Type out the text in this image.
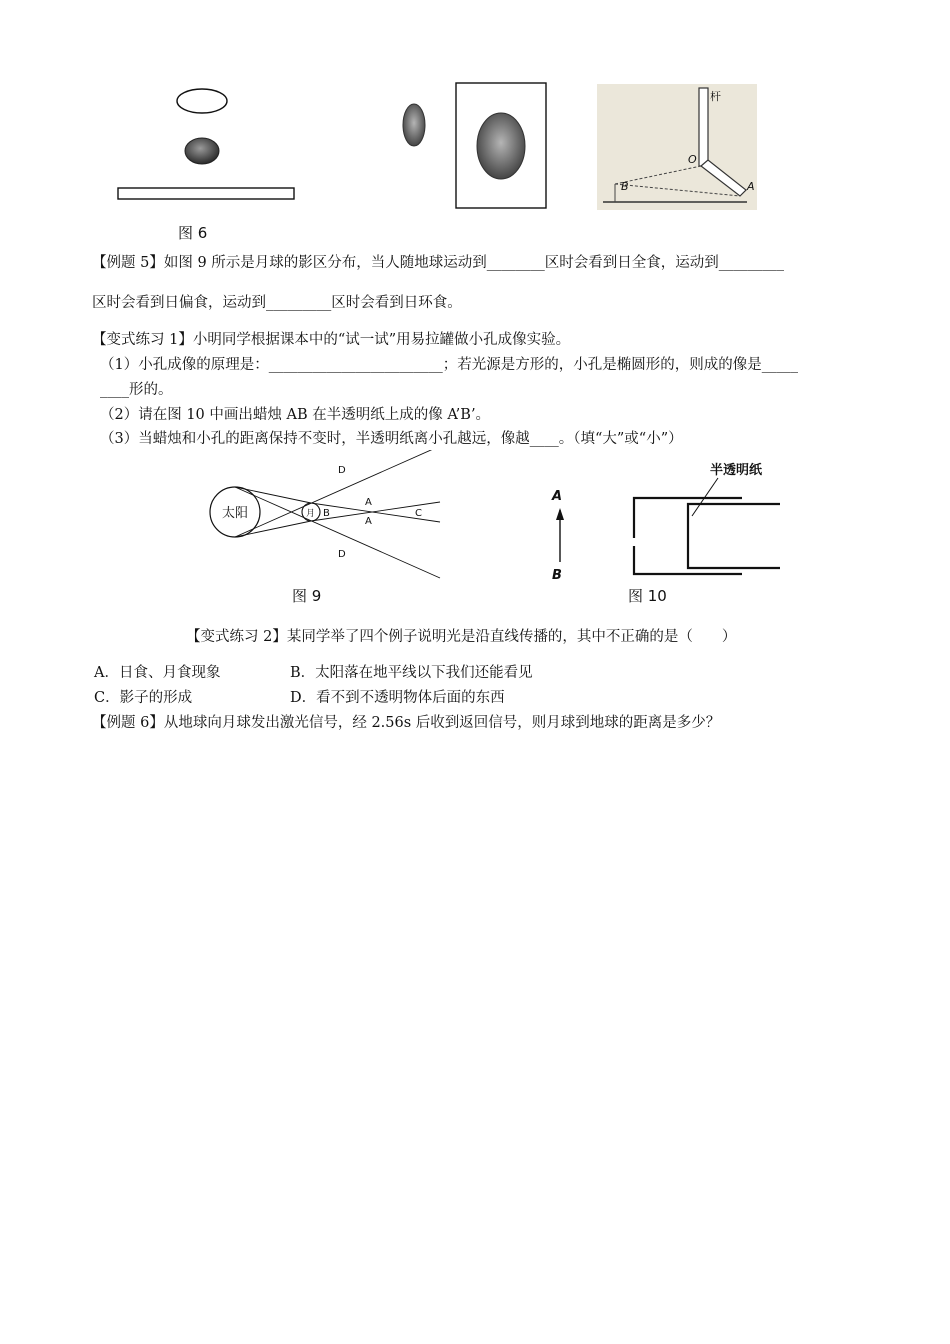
图 6
杆
O
A
B
【例题 5】如图 9 所示是月球的影区分布，当人随地球运动到________区时会看到日全食，运动到_________
区时会看到日偏食，运动到_________区时会看到日环食。
【变式练习 1】小明同学根据课本中的“试一试”用易拉罐做小孔成像实验。
（1）小孔成像的原理是：________________________；若光源是方形的，小孔是椭圆形的，则成的像是_____
____形的。
（2）请在图 10 中画出蜡烛 AB 在半透明纸上成的像 A’B’。
（3）当蜡烛和小孔的距离保持不变时，半透明纸离小孔越远，像越____。（填“大”或“小”）
太阳	月
D
D
B
A
A
C
图 9
A
B
半透明纸
图 10
【变式练习 2】某同学举了四个例子说明光是沿直线传播的，其中不正确的是（　　）
A．日食、月食现象	B．太阳落在地平线以下我们还能看见
C．影子的形成	D．看不到不透明物体后面的东西
【例题 6】从地球向月球发出激光信号，经 2.56s 后收到返回信号，则月球到地球的距离是多少？
